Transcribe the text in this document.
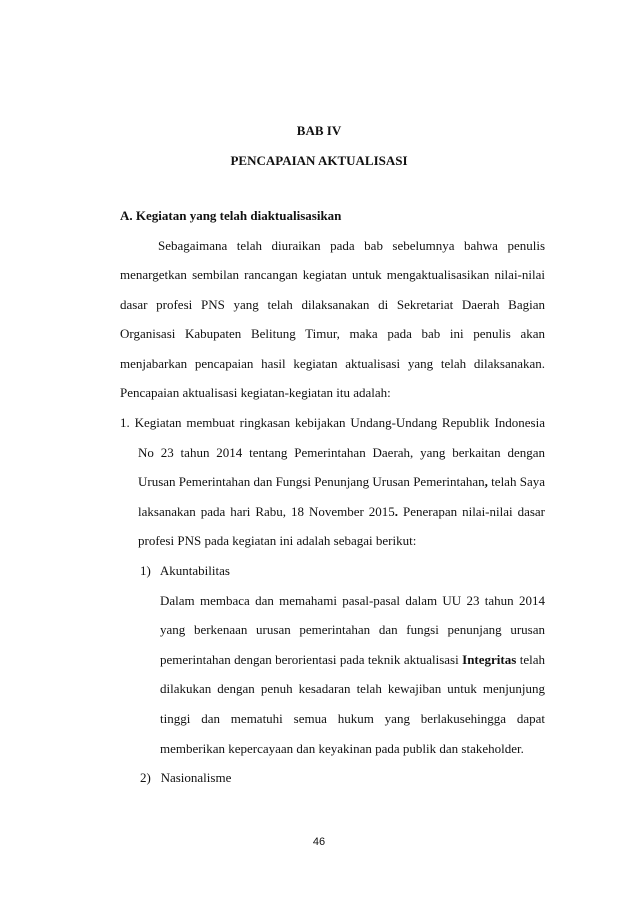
BAB IV
PENCAPAIAN AKTUALISASI
A. Kegiatan yang telah diaktualisasikan
Sebagaimana telah diuraikan pada bab sebelumnya bahwa penulis
menargetkan sembilan rancangan kegiatan untuk mengaktualisasikan nilai-nilai
dasar profesi PNS yang telah dilaksanakan di Sekretariat Daerah Bagian
Organisasi Kabupaten Belitung Timur, maka pada bab ini penulis akan
menjabarkan pencapaian hasil kegiatan aktualisasi yang telah dilaksanakan.
Pencapaian aktualisasi kegiatan-kegiatan itu adalah:
1. Kegiatan membuat ringkasan kebijakan Undang-Undang Republik Indonesia
No 23 tahun 2014 tentang Pemerintahan Daerah, yang berkaitan dengan
Urusan Pemerintahan dan Fungsi Penunjang Urusan Pemerintahan, telah Saya
laksanakan pada hari Rabu, 18 November 2015. Penerapan nilai-nilai dasar
profesi PNS pada kegiatan ini adalah sebagai berikut:
1)   Akuntabilitas
Dalam membaca dan memahami pasal-pasal dalam UU 23 tahun 2014
yang berkenaan urusan pemerintahan dan fungsi penunjang urusan
pemerintahan dengan berorientasi pada teknik aktualisasi Integritas telah
dilakukan dengan penuh kesadaran telah kewajiban untuk menjunjung
tinggi dan mematuhi semua hukum yang berlakusehingga dapat
memberikan kepercayaan dan keyakinan pada publik dan stakeholder.
2)   Nasionalisme
46
